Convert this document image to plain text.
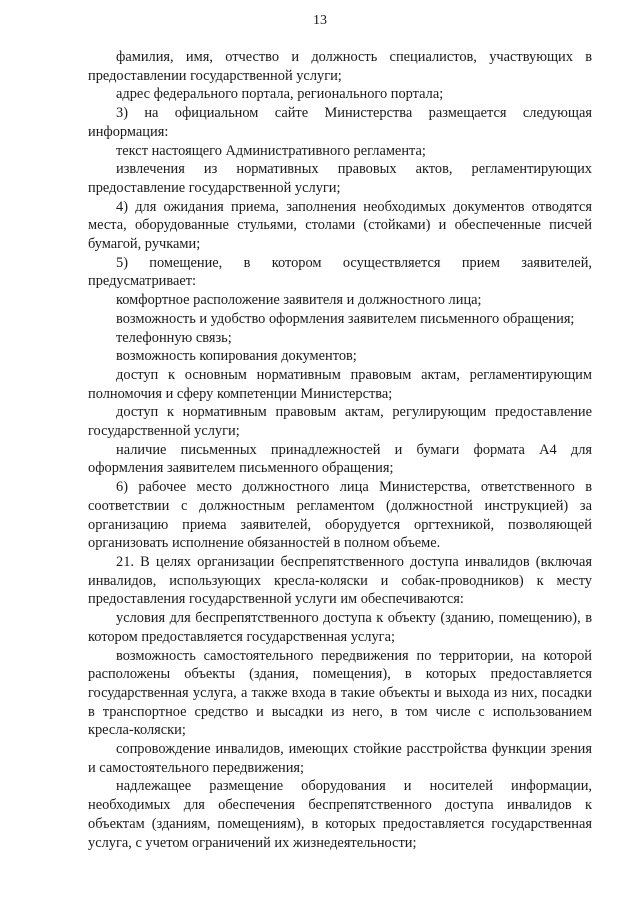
13

фамилия, имя, отчество и должность специалистов, участвующих в предоставлении государственной услуги;

адрес федерального портала, регионального портала;

3) на официальном сайте Министерства размещается следующая информация:

текст настоящего Административного регламента;

извлечения из нормативных правовых актов, регламентирующих предоставление государственной услуги;

4) для ожидания приема, заполнения необходимых документов отводятся места, оборудованные стульями, столами (стойками) и обеспеченные писчей бумагой, ручками;

5) помещение, в котором осуществляется прием заявителей, предусматривает:

комфортное расположение заявителя и должностного лица;

возможность и удобство оформления заявителем письменного обращения;

телефонную связь;

возможность копирования документов;

доступ к основным нормативным правовым актам, регламентирующим полномочия и сферу компетенции Министерства;

доступ к нормативным правовым актам, регулирующим предоставление государственной услуги;

наличие письменных принадлежностей и бумаги формата А4 для оформления заявителем письменного обращения;

6) рабочее место должностного лица Министерства, ответственного в соответствии с должностным регламентом (должностной инструкцией) за организацию приема заявителей, оборудуется оргтехникой, позволяющей организовать исполнение обязанностей в полном объеме.

21. В целях организации беспрепятственного доступа инвалидов (включая инвалидов, использующих кресла-коляски и собак-проводников) к месту предоставления государственной услуги им обеспечиваются:

условия для беспрепятственного доступа к объекту (зданию, помещению), в котором предоставляется государственная услуга;

возможность самостоятельного передвижения по территории, на которой расположены объекты (здания, помещения), в которых предоставляется государственная услуга, а также входа в такие объекты и выхода из них, посадки в транспортное средство и высадки из него, в том числе с использованием кресла-коляски;

сопровождение инвалидов, имеющих стойкие расстройства функции зрения и самостоятельного передвижения;

надлежащее размещение оборудования и носителей информации, необходимых для обеспечения беспрепятственного доступа инвалидов к объектам (зданиям, помещениям), в которых предоставляется государственная услуга, с учетом ограничений их жизнедеятельности;
